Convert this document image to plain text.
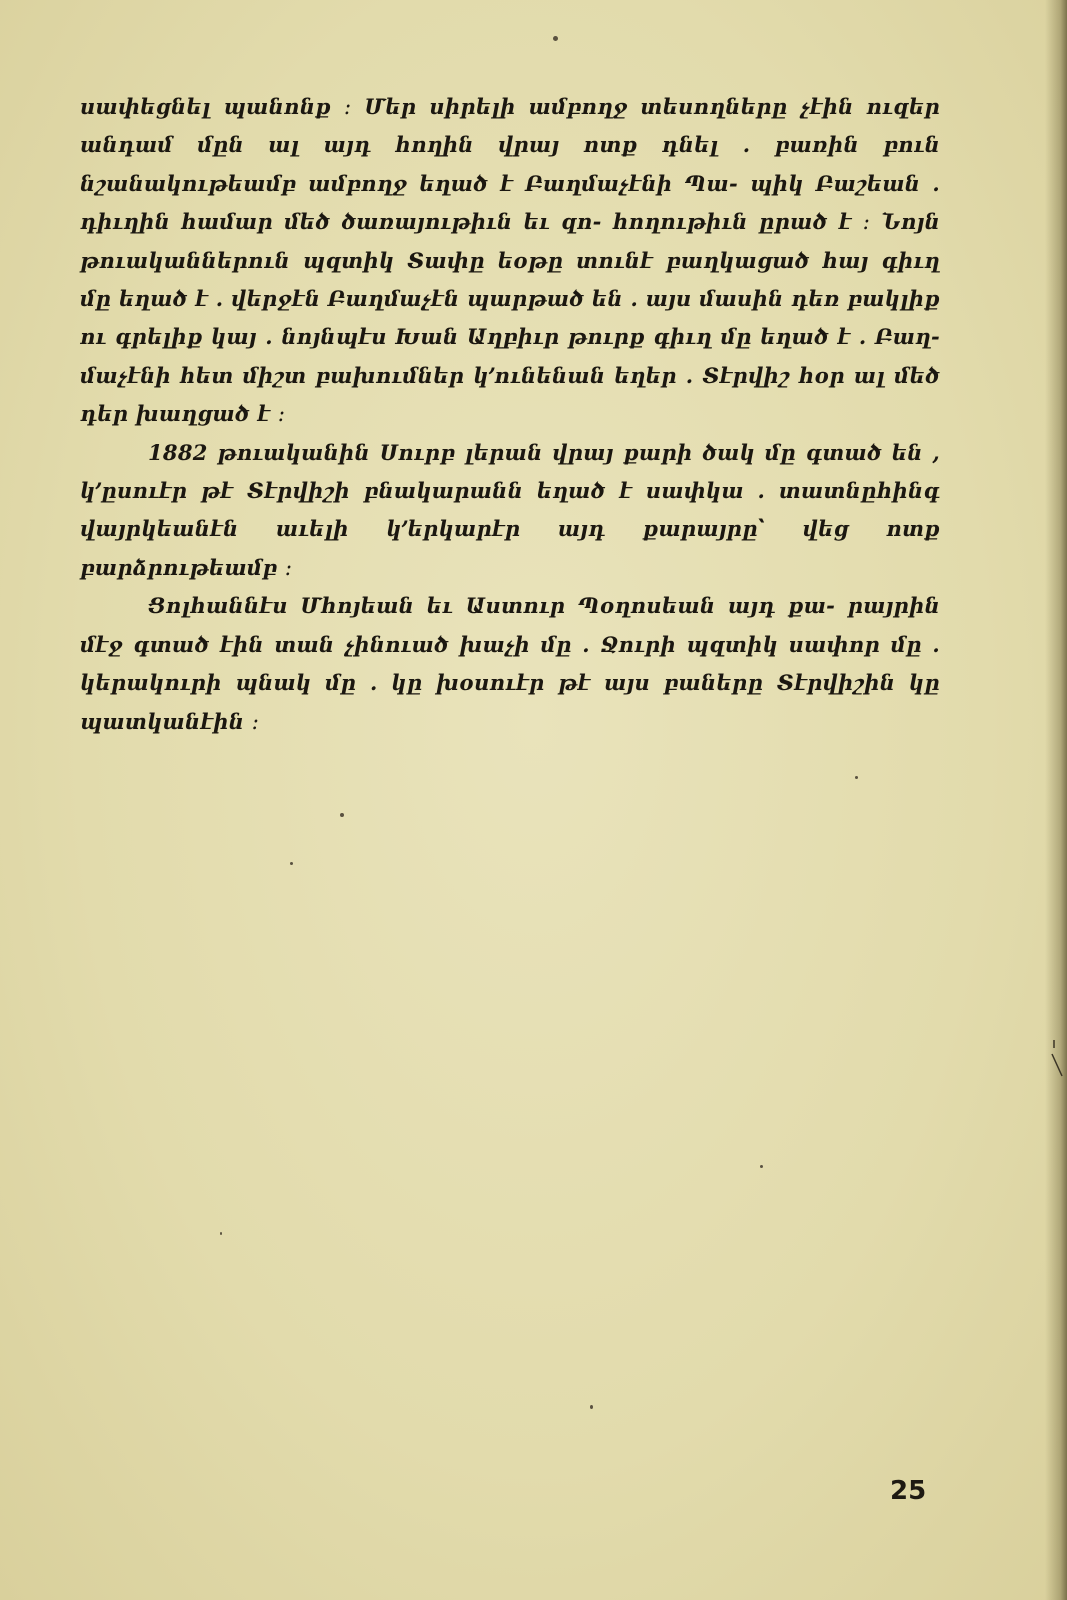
սափեցնել պանոնք ։ Մեր սիրելի ամբողջ տեսողները չէին ուզեր անդամ մըն ալ այդ հողին վրայ ոտք դնել ․ բառին բուն նշանակութեամբ ամբողջ եղած է Բաղմաչէնի Պա- պիկ Բաշեան ․ դիւղին համար մեծ ծառայութիւն եւ զո- հողութիւն ըրած է ։ Նոյն թուականներուն պզտիկ Տափը եօթը տունէ բաղկացած հայ գիւղ մը եղած է ․ վերջէն Բաղմաչէն պարթած են ․ այս մասին դեռ բակլիք ու գրելիք կայ ․ նոյնպէս Խան Աղբիւր թուրք գիւղ մը եղած է ․ Բաղ- մաչէնի հետ միշտ բախումներ կ՚ունենան եղեր ․ Տէրվիշ հօր ալ մեծ դեր խաղցած է ։

1882 թուականին Սուրբ լերան վրայ քարի ծակ մը գտած են , կ՚ըսուէր թէ Տէրվիշի բնակարանն եղած է սափկա ․ տատնըհինգ վայրկեանէն աւելի կ՚երկարէր այդ քարայրը՝ վեց ոտք բարձրութեամբ ։

Ցոլհաննէս Մհոյեան եւ Աստուր Պօղոսեան այդ քա- րայրին մէջ գտած էին տան չինուած խաչի մը ․ Ջուրի պզտիկ սափոր մը ․ կերակուրի պնակ մը ․ կը խօսուէր թէ այս բաները Տէրվիշին կը պատկանէին ։

25
